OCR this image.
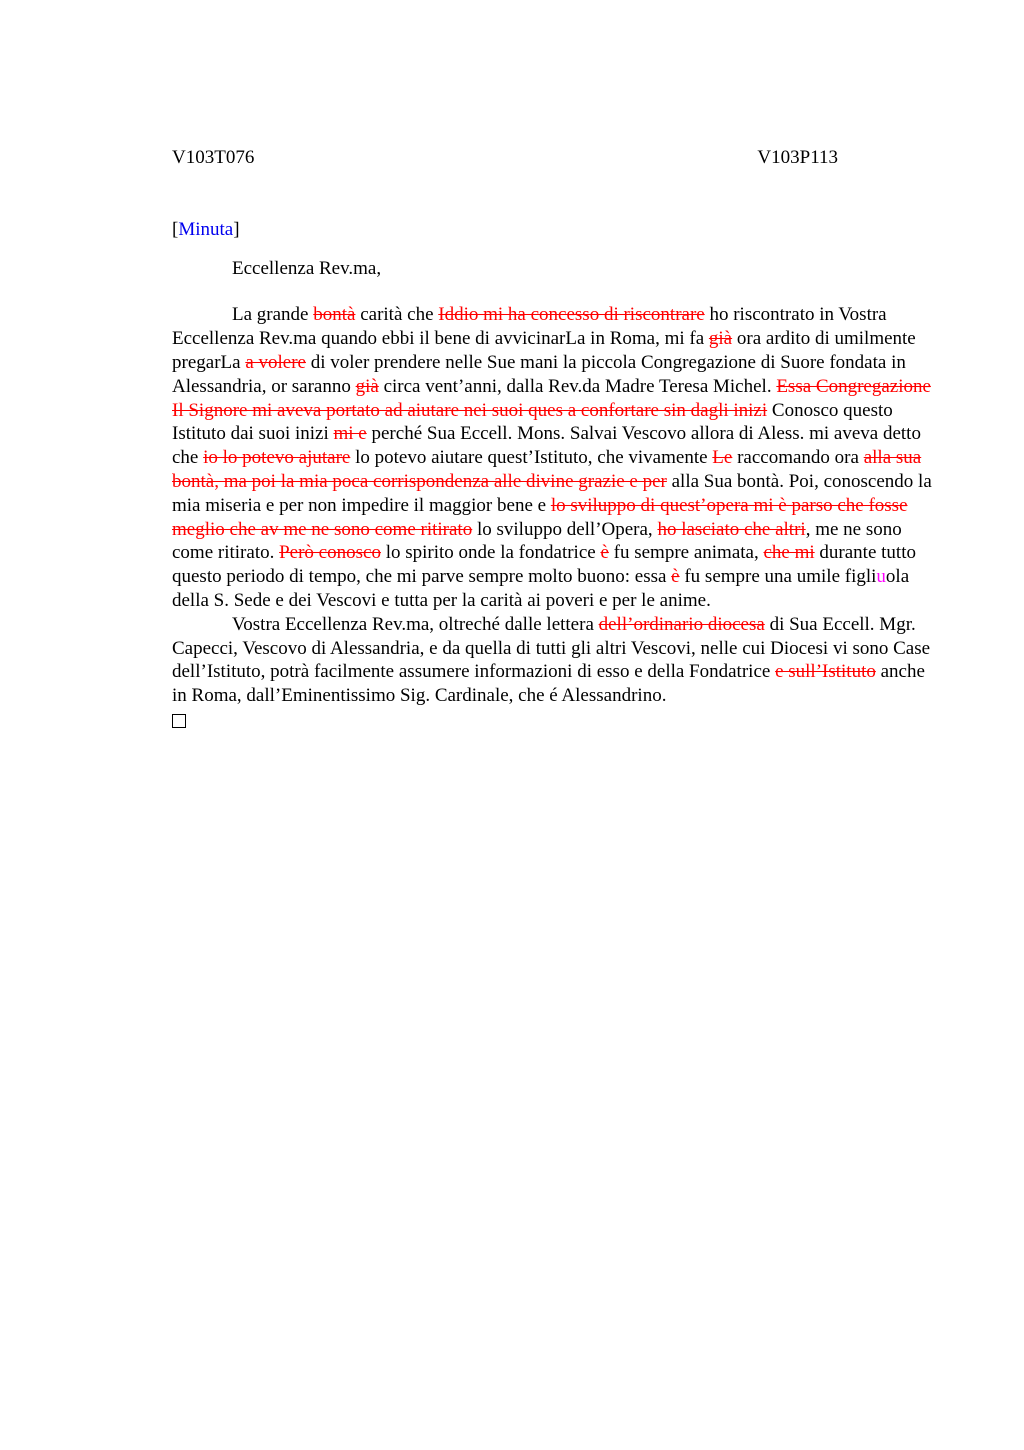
V103T076	V103P113
[Minuta]
Eccellenza Rev.ma,
La grande bontà carità che Iddio mi ha concesso di riscontrare ho riscontrato in Vostra Eccellenza Rev.ma quando ebbi il bene di avvicinarLa in Roma, mi fa già ora ardito di umilmente pregarLa a volere di voler prendere nelle Sue mani la piccola Congregazione di Suore fondata in Alessandria, or saranno già circa vent’anni, dalla Rev.da Madre Teresa Michel. Essa Congregazione Il Signore mi aveva portato ad aiutare nei suoi ques a confortare sin dagli inizi Conosco questo Istituto dai suoi inizi mi e perché Sua Eccell. Mons. Salvai Vescovo allora di Aless. mi aveva detto che io lo potevo ajutare lo potevo aiutare quest’Istituto, che vivamente Le raccomando ora alla sua bontà, ma poi la mia poca corrispondenza alle divine grazie e per alla Sua bontà. Poi, conoscendo la mia miseria e per non impedire il maggior bene e lo sviluppo di quest’opera mi è parso che fosse meglio che av me ne sono come ritirato lo sviluppo dell’Opera, ho lasciato che altri, me ne sono come ritirato. Però conosco lo spirito onde la fondatrice è fu sempre animata, che mi durante tutto questo periodo di tempo, che mi parve sempre molto buono: essa è fu sempre una umile figliuola della S. Sede e dei Vescovi e tutta per la carità ai poveri e per le anime.
Vostra Eccellenza Rev.ma, oltreché dalle lettera dell’ordinario diocesa di Sua Eccell. Mgr. Capecci, Vescovo di Alessandria, e da quella di tutti gli altri Vescovi, nelle cui Diocesi vi sono Case dell’Istituto, potrà facilmente assumere informazioni di esso e della Fondatrice e sull’Istituto anche in Roma, dall’Eminentissimo Sig. Cardinale, che é Alessandrino.
